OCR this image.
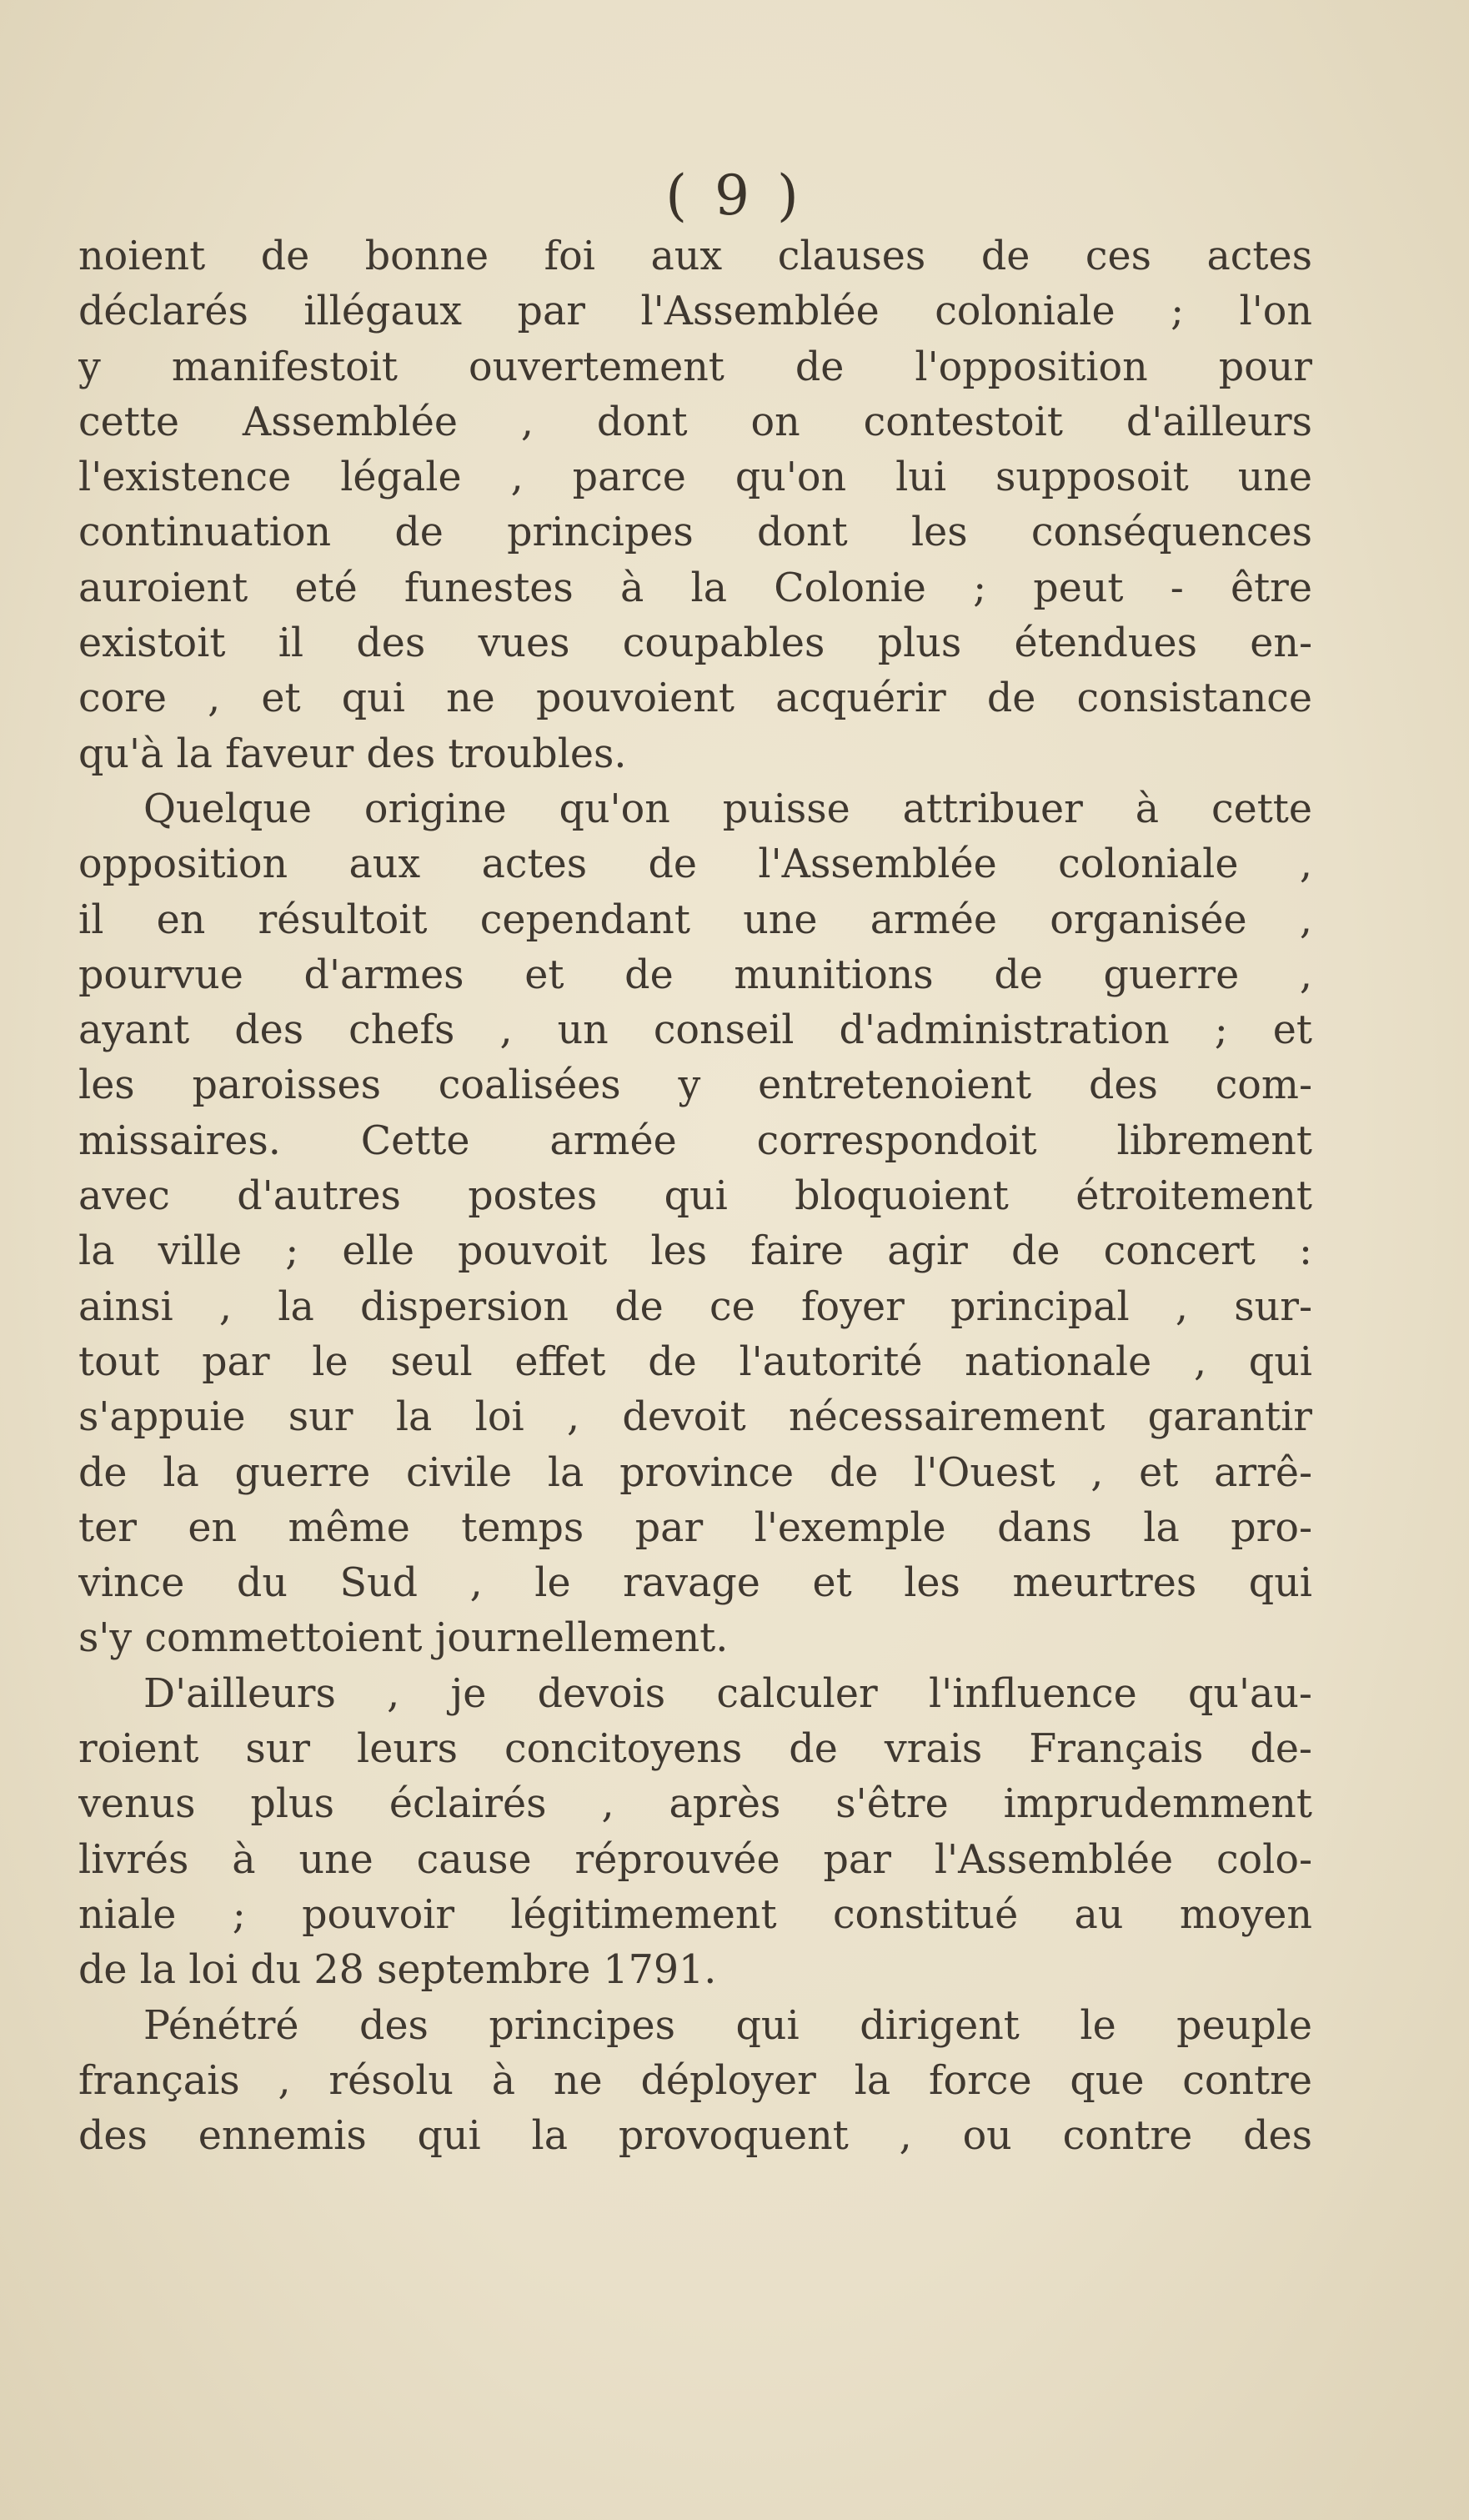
( 9 )
noient de bonne foi aux clauses de ces actes
déclarés illégaux par l'Assemblée coloniale ; l'on
y manifestoit ouvertement de l'opposition pour
cette Assemblée , dont on contestoit d'ailleurs
l'existence légale , parce qu'on lui supposoit une
continuation de principes dont les conséquences
auroient eté funestes à la Colonie ; peut - être
existoit il des vues coupables plus étendues en-
core , et qui ne pouvoient acquérir de consistance
qu'à la faveur des troubles.
Quelque origine qu'on puisse attribuer à cette
opposition aux actes de l'Assemblée coloniale ,
il en résultoit cependant une armée organisée ,
pourvue d'armes et de munitions de guerre ,
ayant des chefs , un conseil d'administration ; et
les paroisses coalisées y entretenoient des com-
missaires. Cette armée correspondoit librement
avec d'autres postes qui bloquoient étroitement
la ville ; elle pouvoit les faire agir de concert :
ainsi , la dispersion de ce foyer principal , sur-
tout par le seul effet de l'autorité nationale , qui
s'appuie sur la loi , devoit nécessairement garantir
de la guerre civile la province de l'Ouest , et arrê-
ter en même temps par l'exemple dans la pro-
vince du Sud , le ravage et les meurtres qui
s'y commettoient journellement.
D'ailleurs , je devois calculer l'influence qu'au-
roient sur leurs concitoyens de vrais Français de-
venus plus éclairés , après s'être imprudemment
livrés à une cause réprouvée par l'Assemblée colo-
niale ; pouvoir légitimement constitué au moyen
de la loi du 28 septembre 1791.
Pénétré des principes qui dirigent le peuple
français , résolu à ne déployer la force que contre
des ennemis qui la provoquent , ou contre des
